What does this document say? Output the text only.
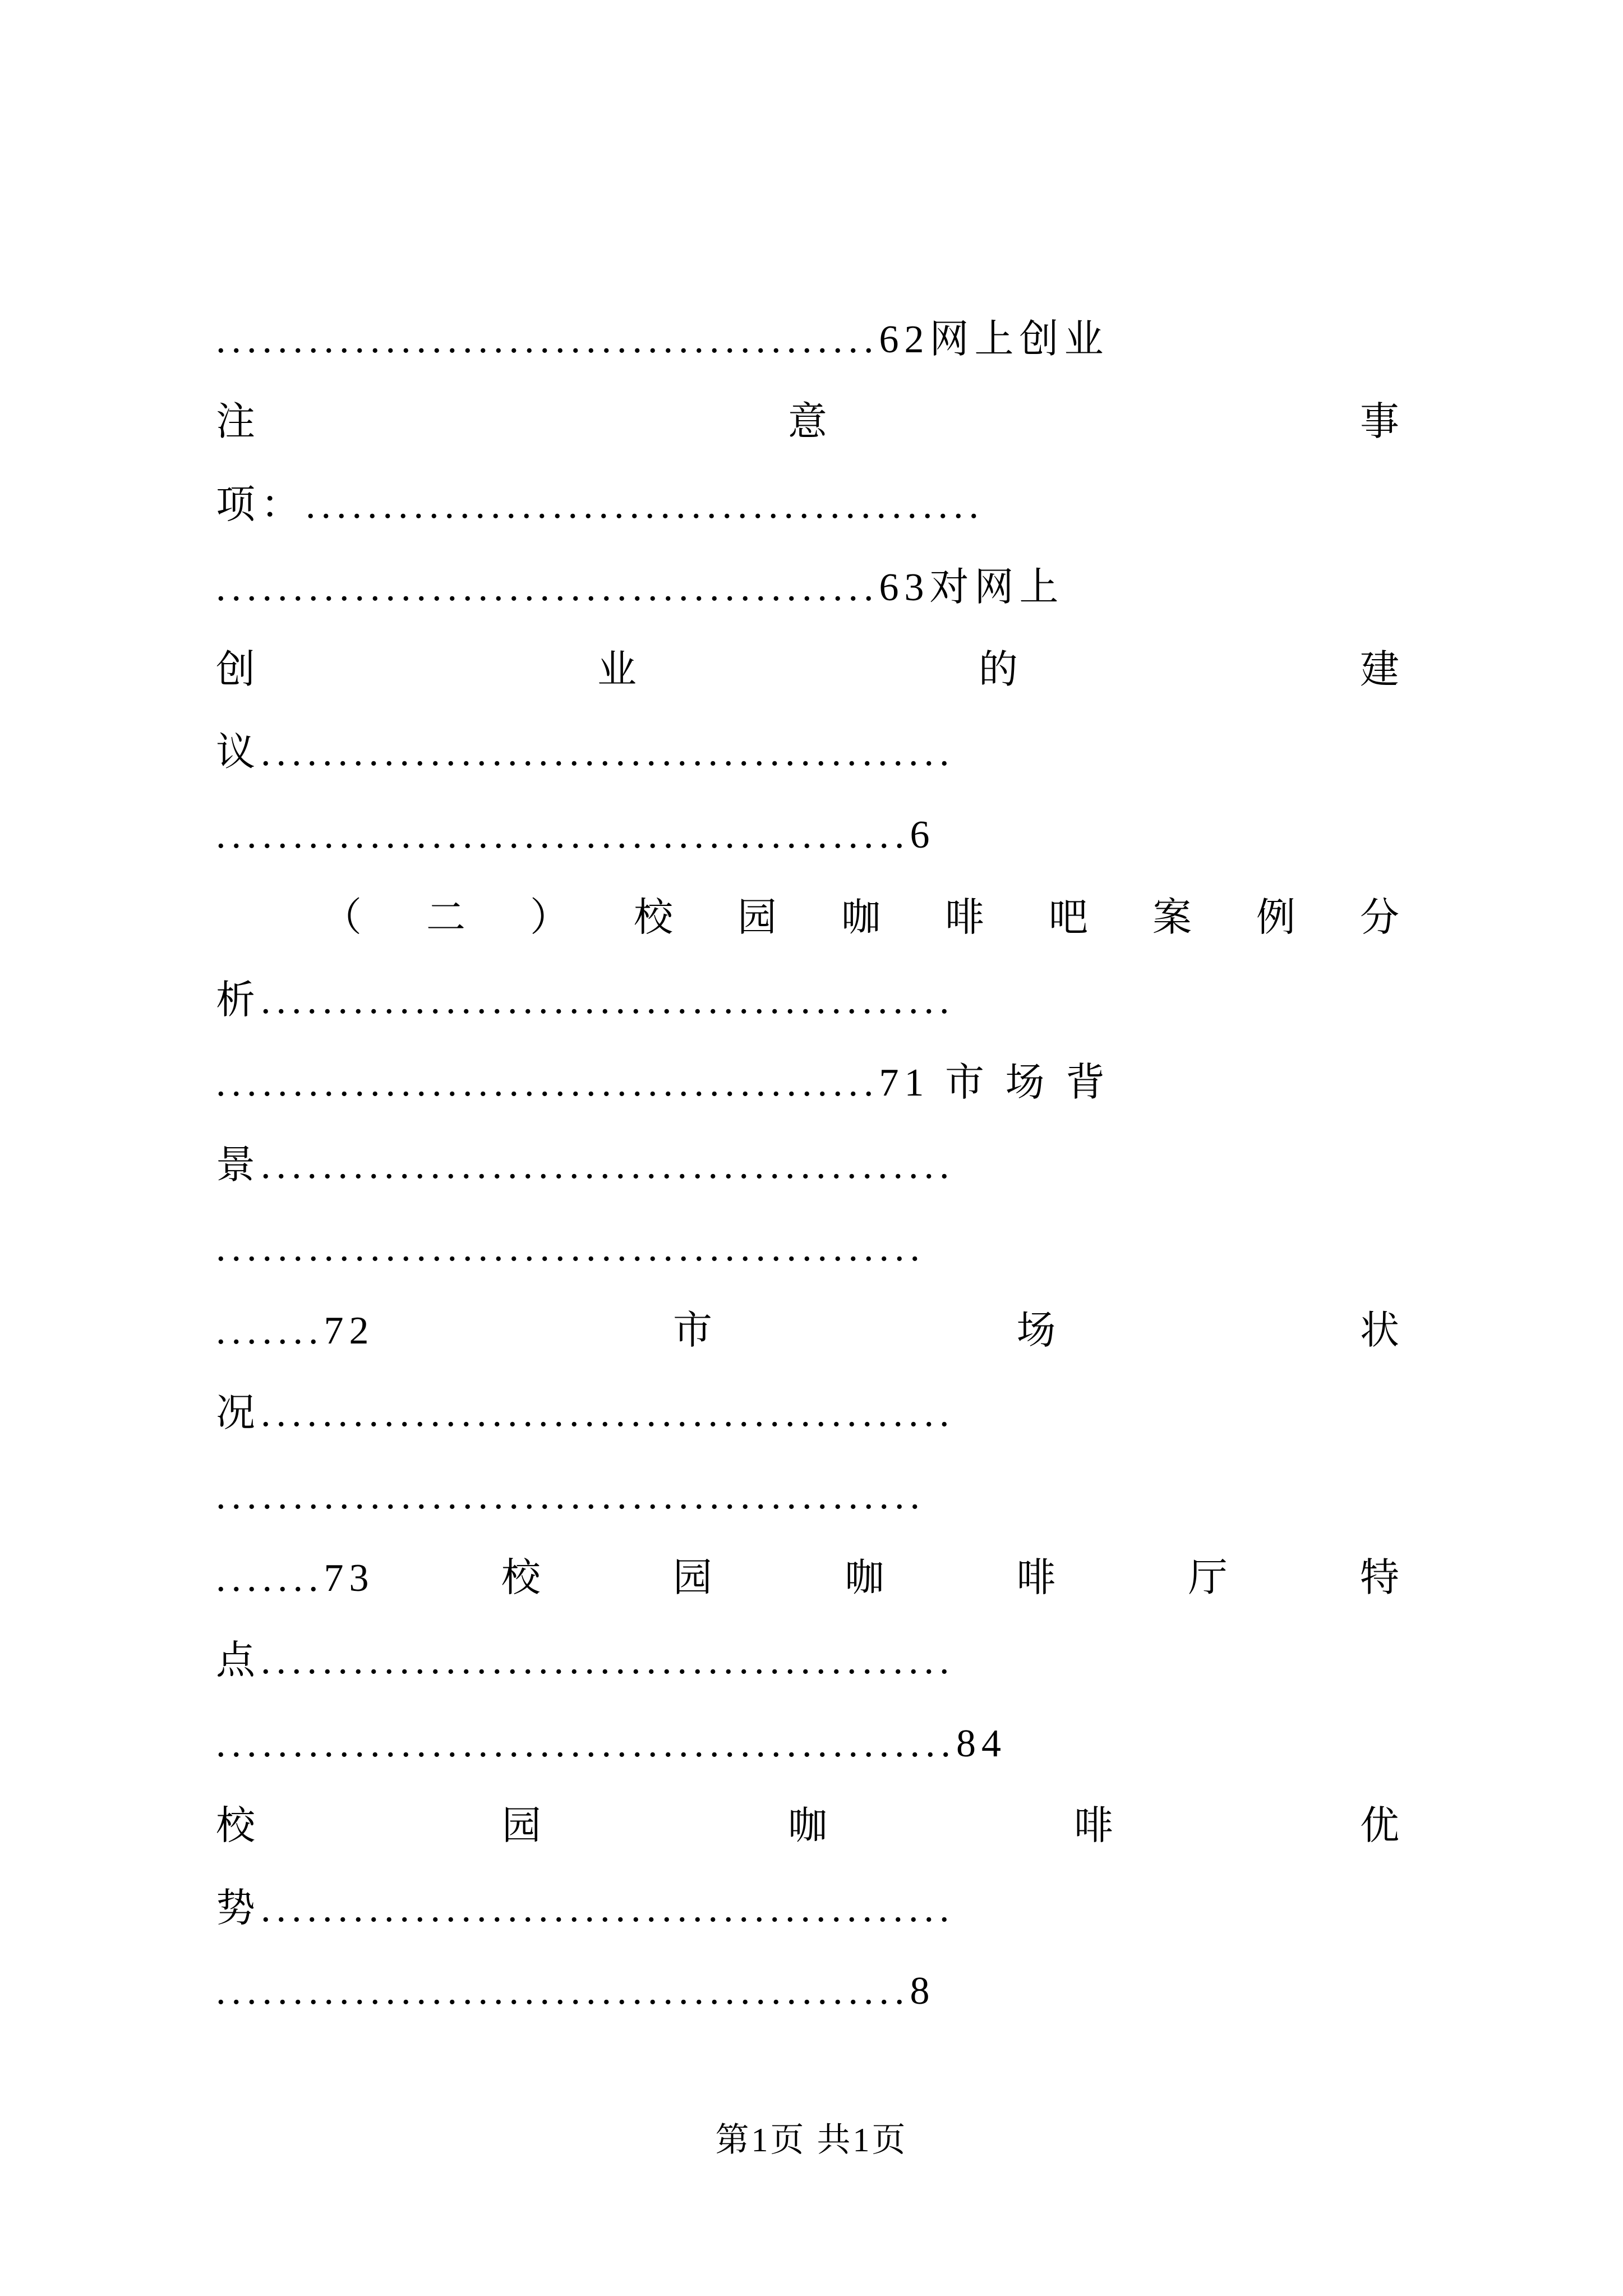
...........................................62网上创业
注	意	事
项：............................................
...........................................63对网上
创	业	的	建
议.............................................
.............................................6
（ 二 ） 校 园 咖 啡 吧 案 例 分
析.............................................
...........................................71 市 场 背
景.............................................
..............................................
.......72	市	场	状
况.............................................
..............................................
.......73	校	园	咖	啡	厅	特
点.............................................
................................................84
校	园	咖	啡	优
势.............................................
.............................................8
第1页 共1页
